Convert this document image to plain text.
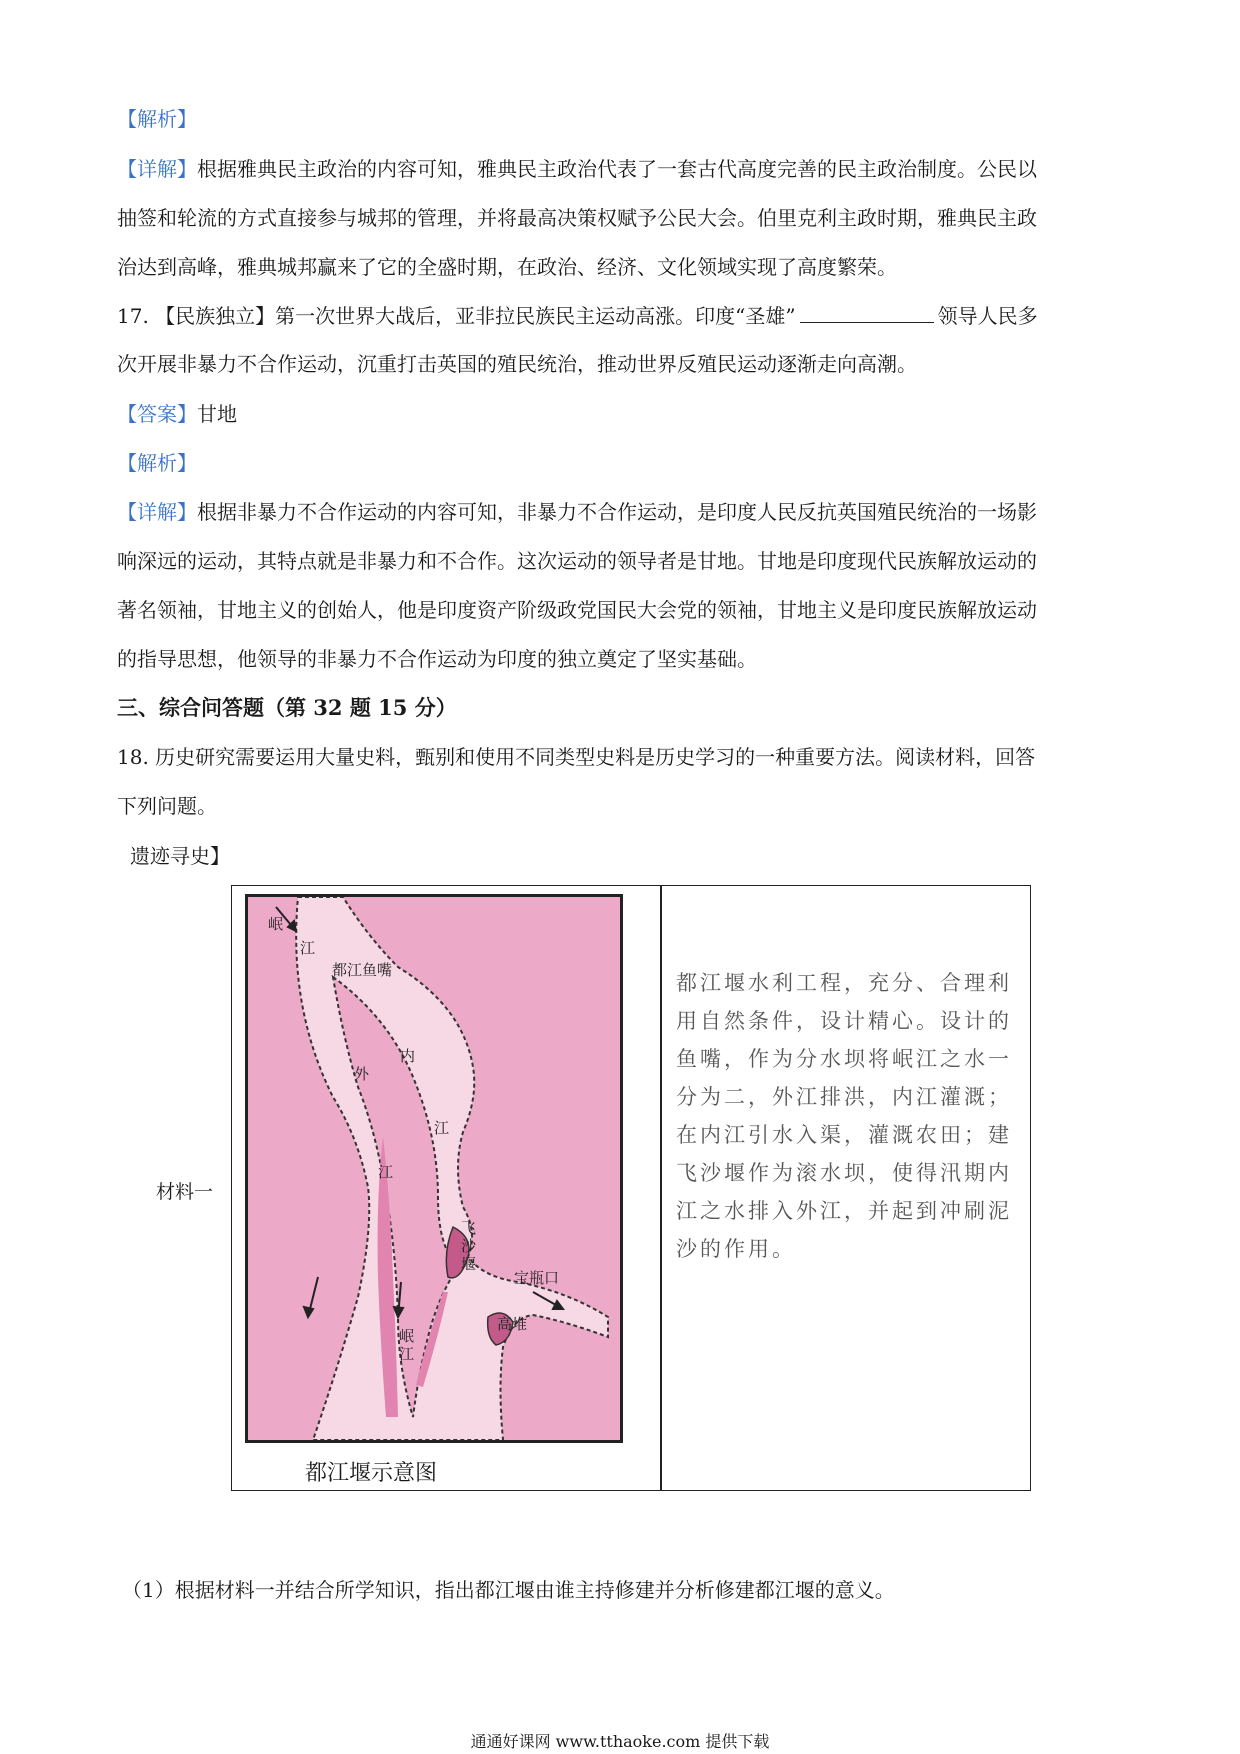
【解析】
【详解】根据雅典民主政治的内容可知，雅典民主政治代表了一套古代高度完善的民主政治制度。公民以
抽签和轮流的方式直接参与城邦的管理，并将最高决策权赋予公民大会。伯里克利主政时期，雅典民主政
治达到高峰，雅典城邦赢来了它的全盛时期，在政治、经济、文化领域实现了高度繁荣。
17. 【民族独立】第一次世界大战后，亚非拉民族民主运动高涨。印度“圣雄”	领导人民多
次开展非暴力不合作运动，沉重打击英国的殖民统治，推动世界反殖民运动逐渐走向高潮。
【答案】甘地
【解析】
【详解】根据非暴力不合作运动的内容可知，非暴力不合作运动，是印度人民反抗英国殖民统治的一场影
响深远的运动，其特点就是非暴力和不合作。这次运动的领导者是甘地。甘地是印度现代民族解放运动的
著名领袖，甘地主义的创始人，他是印度资产阶级政党国民大会党的领袖，甘地主义是印度民族解放运动
的指导思想，他领导的非暴力不合作运动为印度的独立奠定了坚实基础。
三、综合问答题（第 32 题 15 分）
18. 历史研究需要运用大量史料，甄别和使用不同类型史料是历史学习的一种重要方法。阅读材料，回答
下列问题。
遗迹寻史】
材料一
岷
江
都江鱼嘴
外
江
内
江
飞沙堰
宝瓶口
高堆
岷江
都江堰示意图
都江堰水利工程，充分、合理利
用自然条件，设计精心。设计的
鱼嘴，作为分水坝将岷江之水一
分为二，外江排洪，内江灌溉；
在内江引水入渠，灌溉农田；建
飞沙堰作为滚水坝，使得汛期内
江之水排入外江，并起到冲刷泥
沙的作用。
（1）根据材料一并结合所学知识，指出都江堰由谁主持修建并分析修建都江堰的意义。
通通好课网 www.tthaoke.com 提供下载
